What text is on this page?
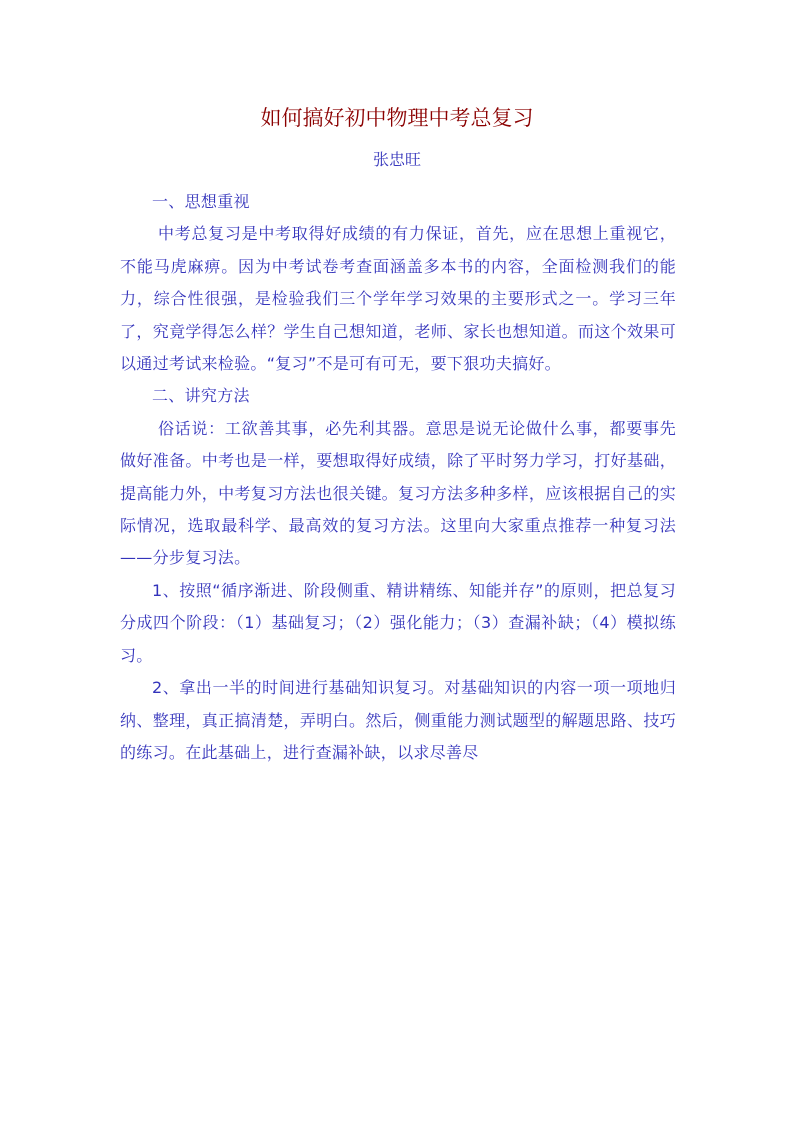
如何搞好初中物理中考总复习
张忠旺

一、思想重视

中考总复习是中考取得好成绩的有力保证，首先，应在思想上重视它，不能马虎麻痹。因为中考试卷考查面涵盖多本书的内容，全面检测我们的能力，综合性很强，是检验我们三个学年学习效果的主要形式之一。学习三年了，究竟学得怎么样？学生自己想知道，老师、家长也想知道。而这个效果可以通过考试来检验。“复习”不是可有可无，要下狠功夫搞好。

二、讲究方法

俗话说：工欲善其事，必先利其器。意思是说无论做什么事，都要事先做好准备。中考也是一样，要想取得好成绩，除了平时努力学习，打好基础，提高能力外，中考复习方法也很关键。复习方法多种多样，应该根据自己的实际情况，选取最科学、最高效的复习方法。这里向大家重点推荐一种复习法——分步复习法。

1、按照“循序渐进、阶段侧重、精讲精练、知能并存”的原则，把总复习分成四个阶段：（1）基础复习；（2）强化能力；（3）查漏补缺；（4）模拟练习。

2、拿出一半的时间进行基础知识复习。对基础知识的内容一项一项地归纳、整理，真正搞清楚，弄明白。然后，侧重能力测试题型的解题思路、技巧的练习。在此基础上，进行查漏补缺，以求尽善尽
